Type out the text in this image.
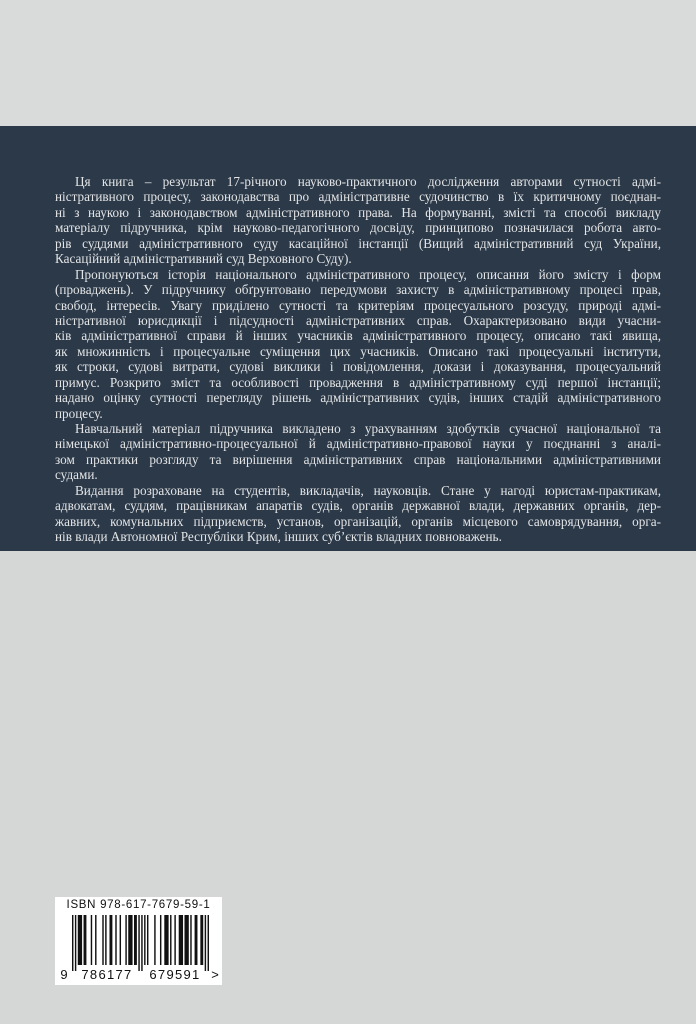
Ця книга – результат 17-річного науково-практичного дослідження авторами сутності адмі-
ністративного процесу, законодавства про адміністративне судочинство в їх критичному поєднан-
ні з наукою і законодавством адміністративного права. На формуванні, змісті та способі викладу
матеріалу підручника, крім науково-педагогічного досвіду, принципово позначилася робота авто-
рів суддями адміністративного суду касаційної інстанції (Вищий адміністративний суд України,
Касаційний адміністративний суд Верховного Суду).
Пропонуються історія національного адміністративного процесу, описання його змісту і форм
(проваджень). У підручнику обґрунтовано передумови захисту в адміністративному процесі прав,
свобод, інтересів. Увагу приділено сутності та критеріям процесуального розсуду, природі адмі-
ністративної юрисдикції і підсудності адміністративних справ. Охарактеризовано види учасни-
ків адміністративної справи й інших учасників адміністративного процесу, описано такі явища,
як множинність і процесуальне суміщення цих учасників. Описано такі процесуальні інститути,
як строки, судові витрати, судові виклики і повідомлення, докази і доказування, процесуальний
примус. Розкрито зміст та особливості провадження в адміністративному суді першої інстанції;
надано оцінку сутності перегляду рішень адміністративних судів, інших стадій адміністративного
процесу.
Навчальний матеріал підручника викладено з урахуванням здобутків сучасної національної та
німецької адміністративно-процесуальної й адміністративно-правової науки у поєднанні з аналі-
зом практики розгляду та вирішення адміністративних справ національними адміністративними
судами.
Видання розраховане на студентів, викладачів, науковців. Стане у нагоді юристам-практикам,
адвокатам, суддям, працівникам апаратів судів, органів державної влади, державних органів, дер-
жавних, комунальних підприємств, установ, організацій, органів місцевого самоврядування, орга-
нів влади Автономної Республіки Крим, інших суб’єктів владних повноважень.
ISBN 978-617-7679-59-1
9	786177	679591 >
